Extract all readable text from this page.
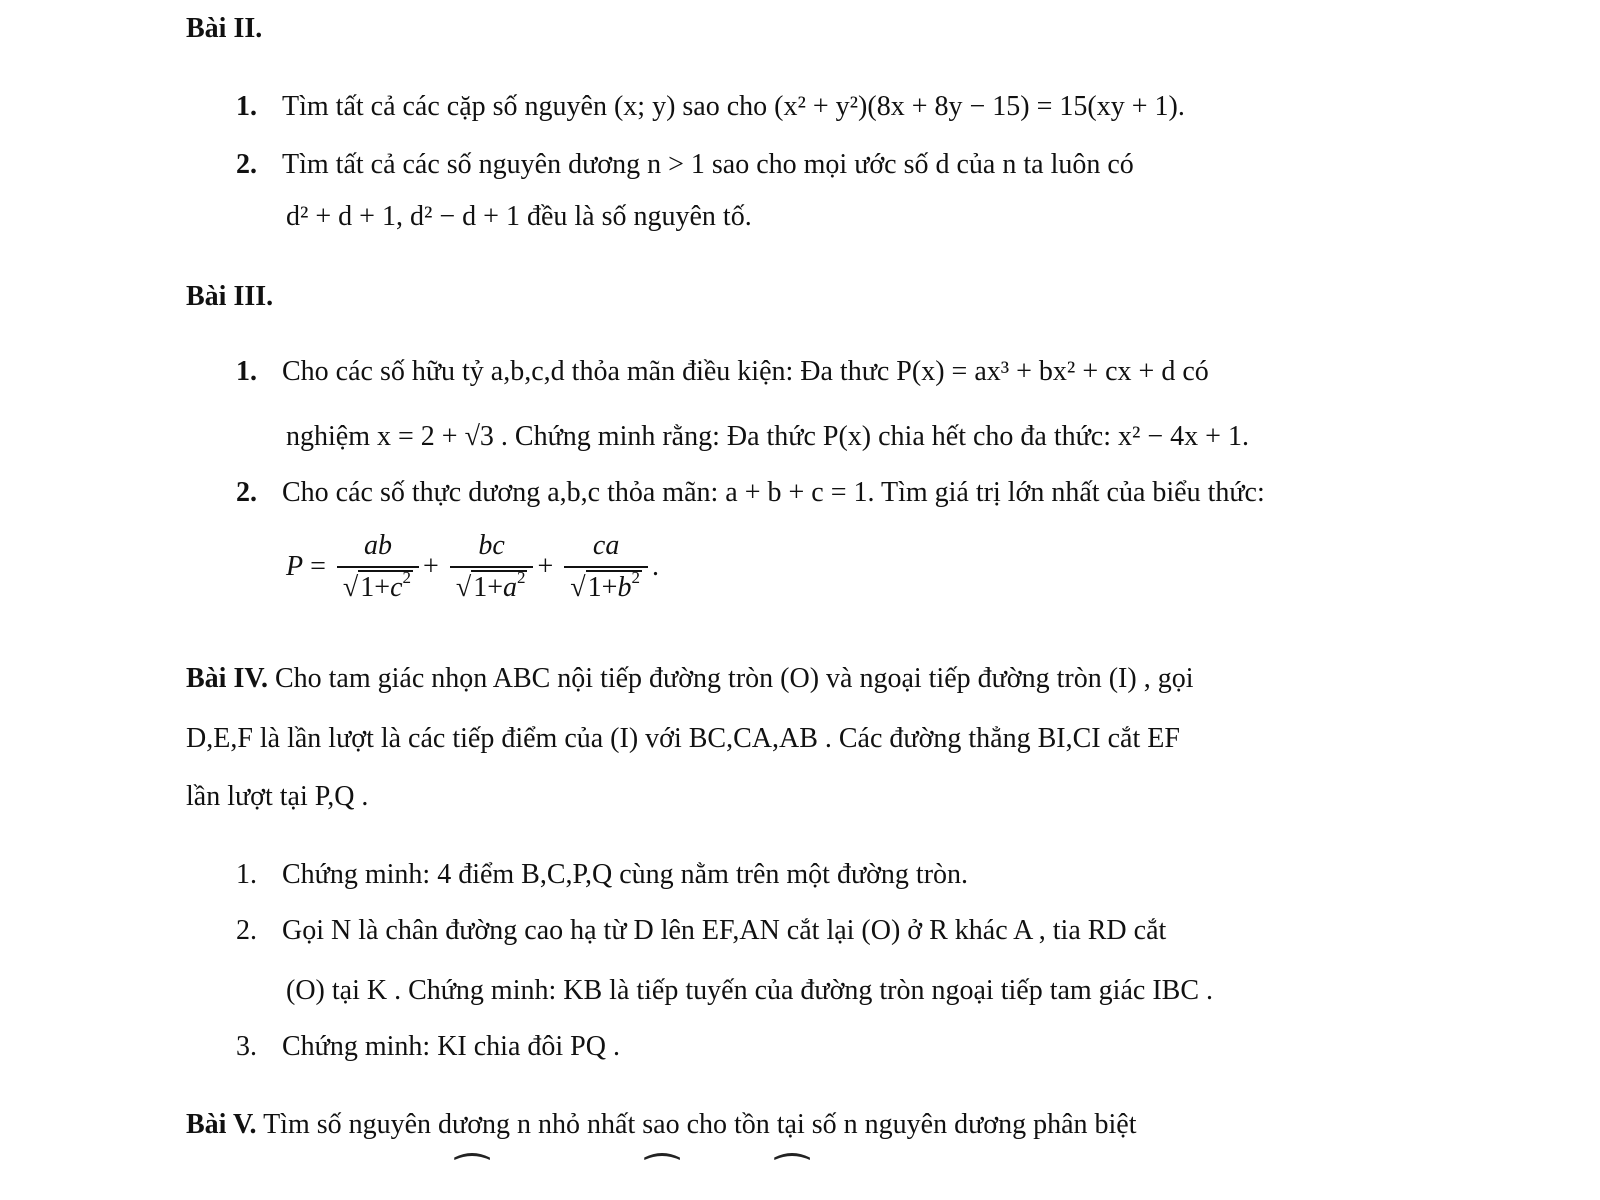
Bài II.
1. Tìm tất cả các cặp số nguyên (x; y) sao cho (x² + y²)(8x + 8y − 15) = 15(xy + 1).
2. Tìm tất cả các số nguyên dương n > 1 sao cho mọi ước số d của n ta luôn có
d² + d + 1, d² − d + 1 đều là số nguyên tố.
Bài III.
1. Cho các số hữu tỷ a,b,c,d thỏa mãn điều kiện: Đa thưc P(x) = ax³ + bx² + cx + d có
nghiệm x = 2 + √3 . Chứng minh rằng: Đa thức P(x) chia hết cho đa thức: x² − 4x + 1.
2. Cho các số thực dương a,b,c thỏa mãn: a + b + c = 1. Tìm giá trị lớn nhất của biểu thức:
$P = \frac{ab}{√1+c^2} + \frac{bc}{√1+a^2} + \frac{ca}{√1+b^2}$ .
Bài IV. Cho tam giác nhọn ABC nội tiếp đường tròn (O) và ngoại tiếp đường tròn (I) , gọi
D,E,F là lần lượt là các tiếp điểm của (I) với BC,CA,AB . Các đường thẳng BI,CI cắt EF
lần lượt tại P,Q .
1. Chứng minh: 4 điểm B,C,P,Q cùng nằm trên một đường tròn.
2. Gọi N là chân đường cao hạ từ D lên EF,AN cắt lại (O) ở R khác A , tia RD cắt
(O) tại K . Chứng minh: KB là tiếp tuyến của đường tròn ngoại tiếp tam giác IBC .
3. Chứng minh: KI chia đôi PQ .
Bài V. Tìm số nguyên dương n nhỏ nhất sao cho tồn tại số n nguyên dương phân biệt
⁀	⁀ ⁀
